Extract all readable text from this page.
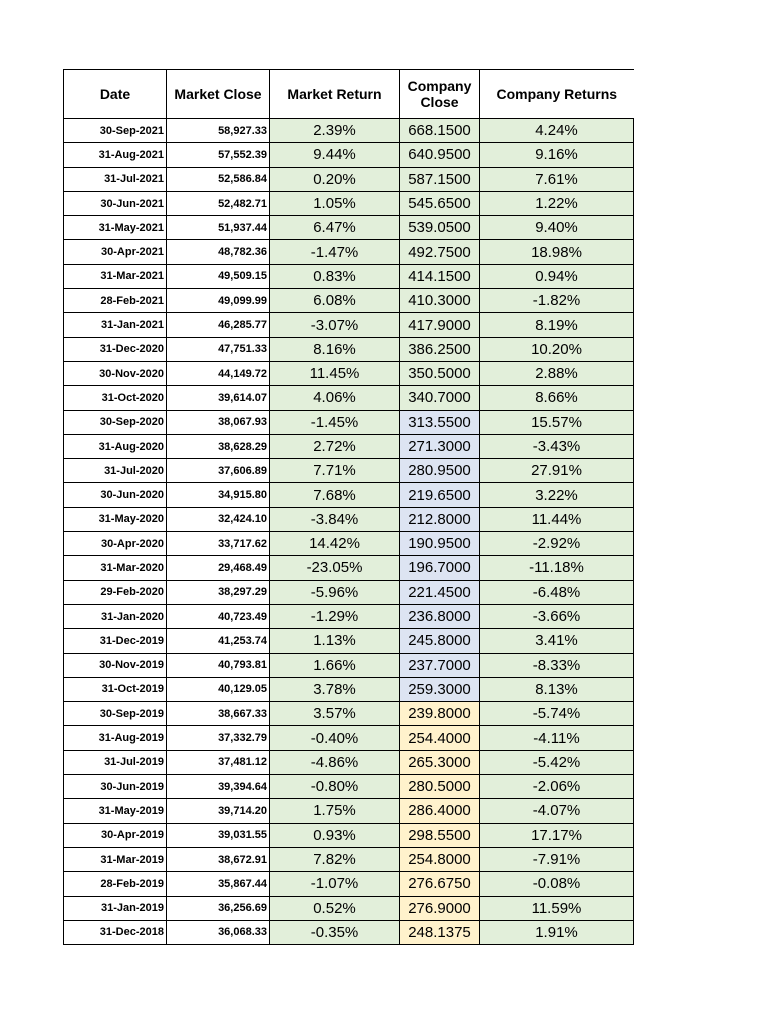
Date	Market Close	Market Return	Company Close	Company Returns
30-Sep-2021	58,927.33	2.39%	668.1500	4.24%
31-Aug-2021	57,552.39	9.44%	640.9500	9.16%
31-Jul-2021	52,586.84	0.20%	587.1500	7.61%
30-Jun-2021	52,482.71	1.05%	545.6500	1.22%
31-May-2021	51,937.44	6.47%	539.0500	9.40%
30-Apr-2021	48,782.36	-1.47%	492.7500	18.98%
31-Mar-2021	49,509.15	0.83%	414.1500	0.94%
28-Feb-2021	49,099.99	6.08%	410.3000	-1.82%
31-Jan-2021	46,285.77	-3.07%	417.9000	8.19%
31-Dec-2020	47,751.33	8.16%	386.2500	10.20%
30-Nov-2020	44,149.72	11.45%	350.5000	2.88%
31-Oct-2020	39,614.07	4.06%	340.7000	8.66%
30-Sep-2020	38,067.93	-1.45%	313.5500	15.57%
31-Aug-2020	38,628.29	2.72%	271.3000	-3.43%
31-Jul-2020	37,606.89	7.71%	280.9500	27.91%
30-Jun-2020	34,915.80	7.68%	219.6500	3.22%
31-May-2020	32,424.10	-3.84%	212.8000	11.44%
30-Apr-2020	33,717.62	14.42%	190.9500	-2.92%
31-Mar-2020	29,468.49	-23.05%	196.7000	-11.18%
29-Feb-2020	38,297.29	-5.96%	221.4500	-6.48%
31-Jan-2020	40,723.49	-1.29%	236.8000	-3.66%
31-Dec-2019	41,253.74	1.13%	245.8000	3.41%
30-Nov-2019	40,793.81	1.66%	237.7000	-8.33%
31-Oct-2019	40,129.05	3.78%	259.3000	8.13%
30-Sep-2019	38,667.33	3.57%	239.8000	-5.74%
31-Aug-2019	37,332.79	-0.40%	254.4000	-4.11%
31-Jul-2019	37,481.12	-4.86%	265.3000	-5.42%
30-Jun-2019	39,394.64	-0.80%	280.5000	-2.06%
31-May-2019	39,714.20	1.75%	286.4000	-4.07%
30-Apr-2019	39,031.55	0.93%	298.5500	17.17%
31-Mar-2019	38,672.91	7.82%	254.8000	-7.91%
28-Feb-2019	35,867.44	-1.07%	276.6750	-0.08%
31-Jan-2019	36,256.69	0.52%	276.9000	11.59%
31-Dec-2018	36,068.33	-0.35%	248.1375	1.91%
